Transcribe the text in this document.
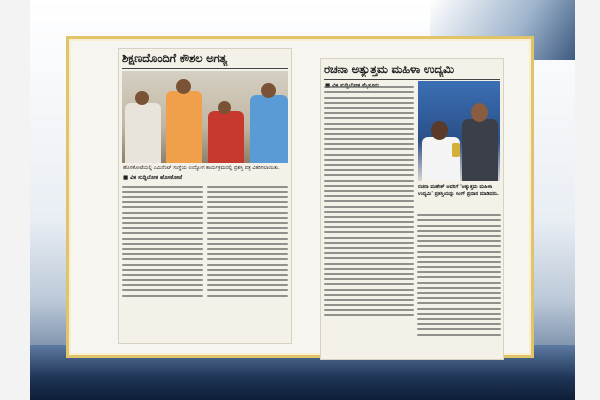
ಶಿಕ್ಷಣದೊಂದಿಗೆ ಕೌಶಲ ಅಗತ್ಯ
ಹೊಸಕೋಟೆಯಲ್ಲಿ ಎಮಿನೆಂಟ್ ಸಂಸ್ಥೆಯ ಉದ್ಯೋಗ ಕಾರ್ಯಕ್ರಮದಲ್ಲಿ ಪ್ರಶಸ್ತಿ ಪತ್ರ ವಿತರಿಸಲಾಯಿತು.
■ ವಿಕ ಸುದ್ದಿಲೋಕ ಹೊಸಕೋಟೆ
ರಚನಾ ಅತ್ಯುತ್ತಮ ಮಹಿಳಾ ಉದ್ಯಮಿ
ರಚನಾ ಮಹೇಶ್ ಅವರಿಗೆ 'ಅತ್ಯುತ್ತಮ ಮಹಿಳಾ ಉದ್ಯಮಿ' ಪ್ರಶಸ್ತಿಯನ್ನು ಸಿಂಗ್ ಪ್ರದಾನ ಮಾಡಿದರು.
